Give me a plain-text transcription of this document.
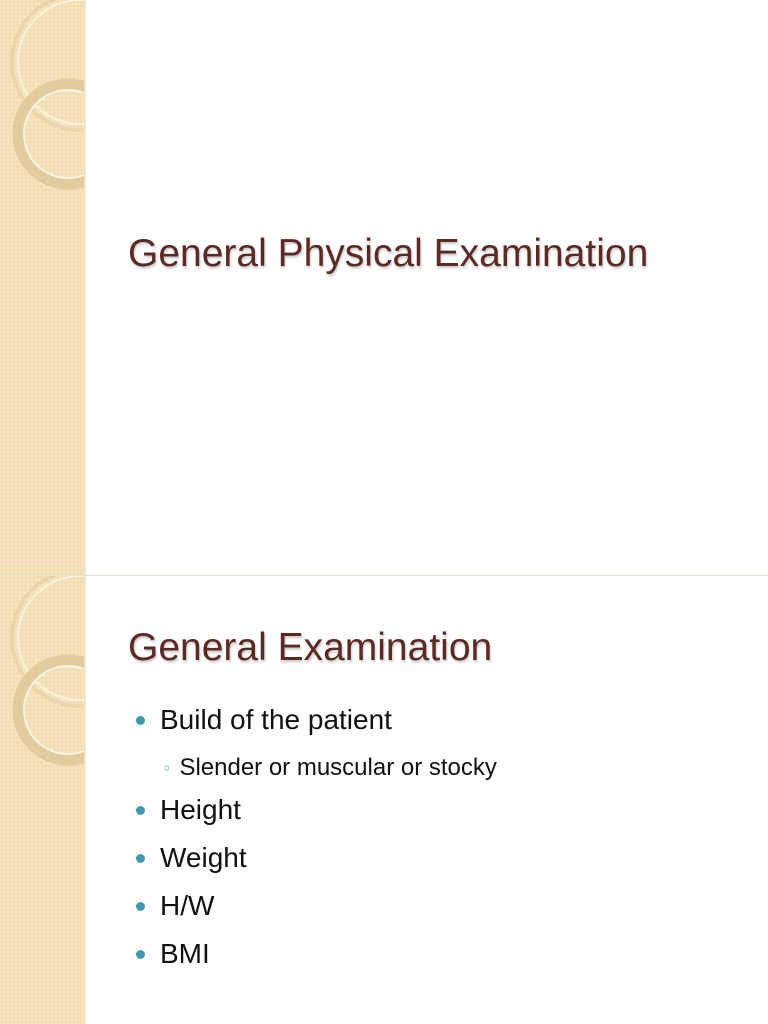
General Physical Examination
General Examination
Build of the patient
◦ Slender or muscular or stocky
Height
Weight
H/W
BMI
